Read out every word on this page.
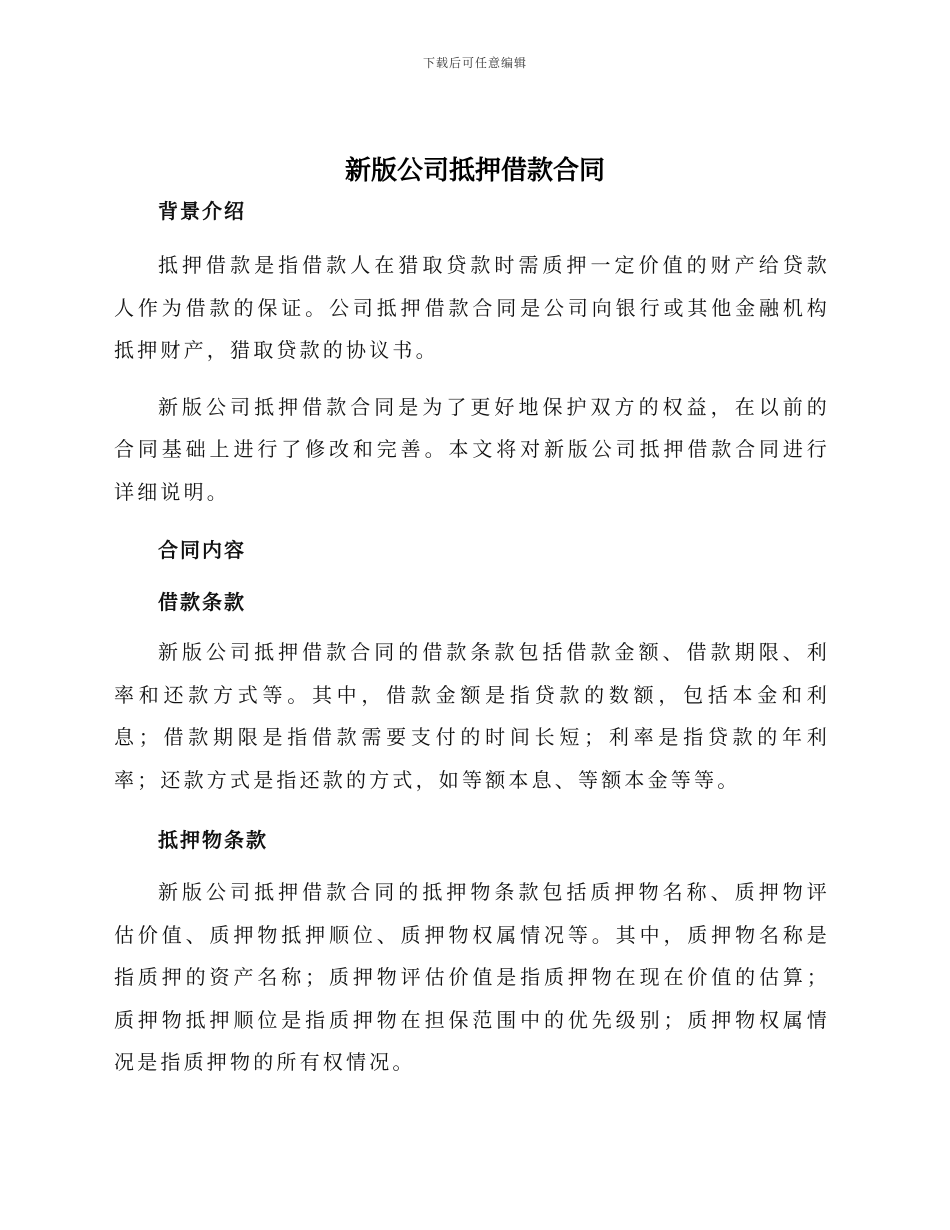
下载后可任意编辑
新版公司抵押借款合同

背景介绍

抵押借款是指借款人在猎取贷款时需质押一定价值的财产给贷款人作为借款的保证。公司抵押借款合同是公司向银行或其他金融机构抵押财产，猎取贷款的协议书。

新版公司抵押借款合同是为了更好地保护双方的权益，在以前的合同基础上进行了修改和完善。本文将对新版公司抵押借款合同进行详细说明。

合同内容

借款条款

新版公司抵押借款合同的借款条款包括借款金额、借款期限、利率和还款方式等。其中，借款金额是指贷款的数额，包括本金和利息；借款期限是指借款需要支付的时间长短；利率是指贷款的年利率；还款方式是指还款的方式，如等额本息、等额本金等等。

抵押物条款

新版公司抵押借款合同的抵押物条款包括质押物名称、质押物评估价值、质押物抵押顺位、质押物权属情况等。其中，质押物名称是指质押的资产名称；质押物评估价值是指质押物在现在价值的估算；质押物抵押顺位是指质押物在担保范围中的优先级别；质押物权属情况是指质押物的所有权情况。
